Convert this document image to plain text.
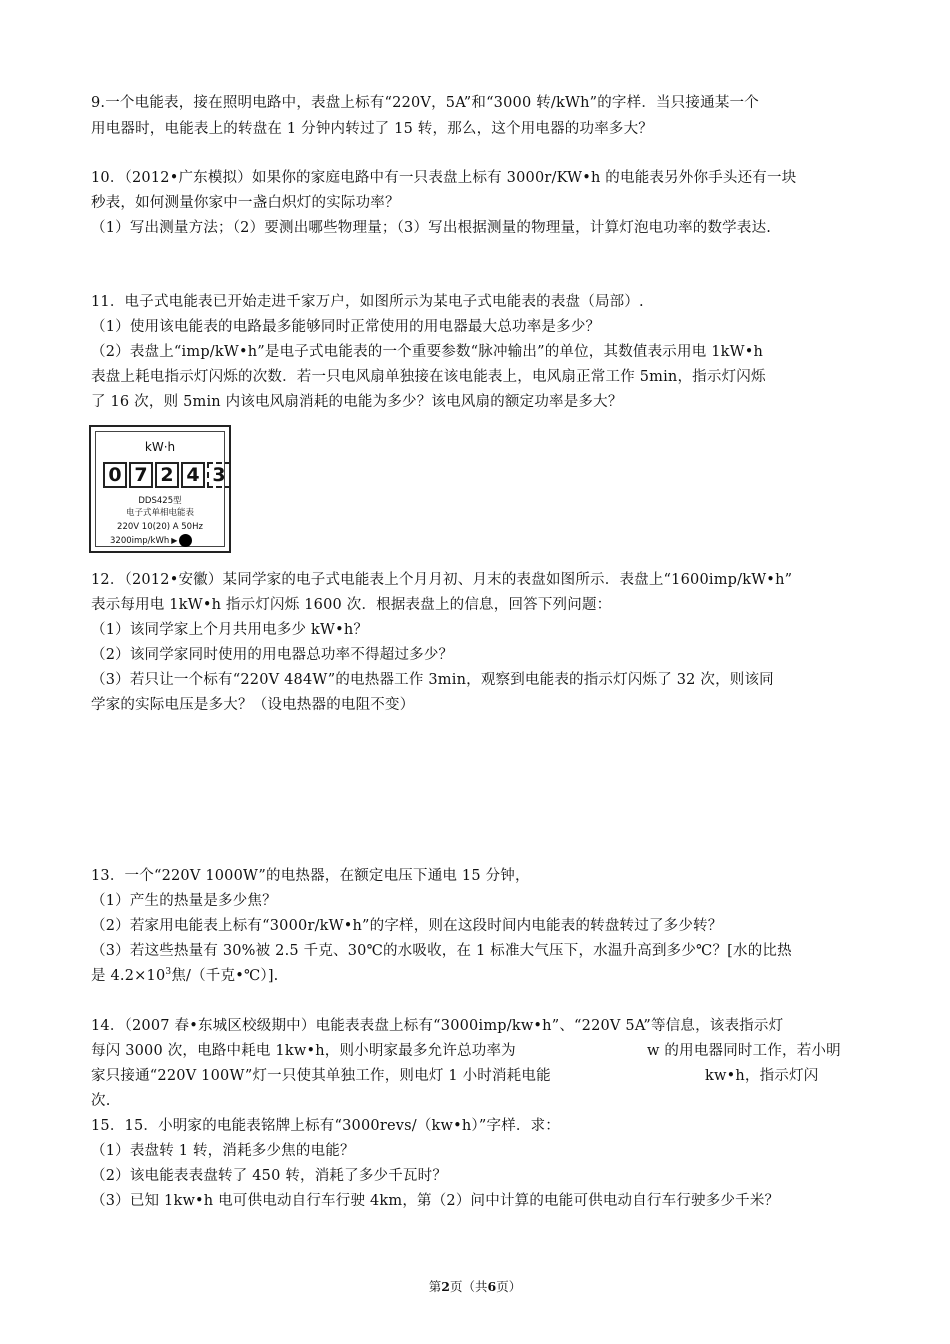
9.一个电能表，接在照明电路中，表盘上标有“220V，5A”和“3000 转/kWh”的字样．当只接通某一个
用电器时，电能表上的转盘在 1 分钟内转过了 15 转，那么，这个用电器的功率多大？
10．（2012•广东模拟）如果你的家庭电路中有一只表盘上标有 3000r/KW•h 的电能表另外你手头还有一块
秒表，如何测量你家中一盏白炽灯的实际功率？
（1）写出测量方法；（2）要测出哪些物理量；（3）写出根据测量的物理量，计算灯泡电功率的数学表达.
11．电子式电能表已开始走进千家万户，如图所示为某电子式电能表的表盘（局部）.
（1）使用该电能表的电路最多能够同时正常使用的用电器最大总功率是多少？
（2）表盘上“imp/kW•h”是电子式电能表的一个重要参数“脉冲输出”的单位，其数值表示用电 1kW•h
表盘上耗电指示灯闪烁的次数．若一只电风扇单独接在该电能表上，电风扇正常工作 5min，指示灯闪烁
了 16 次，则 5min 内该电风扇消耗的电能为多少？该电风扇的额定功率是多大？
kW·h
0 7 2 4 3
DDS425型
电子式单相电能表
220V 10(20) A 50Hz
3200imp/kWh ▶
12．（2012•安徽）某同学家的电子式电能表上个月月初、月末的表盘如图所示．表盘上“1600imp/kW•h”
表示每用电 1kW•h 指示灯闪烁 1600 次．根据表盘上的信息，回答下列问题：
（1）该同学家上个月共用电多少 kW•h？
（2）该同学家同时使用的用电器总功率不得超过多少？
（3）若只让一个标有“220V 484W”的电热器工作 3min，观察到电能表的指示灯闪烁了 32 次，则该同
学家的实际电压是多大？（设电热器的电阻不变）
13．一个“220V 1000W”的电热器，在额定电压下通电 15 分钟，
（1）产生的热量是多少焦？
（2）若家用电能表上标有“3000r/kW•h”的字样，则在这段时间内电能表的转盘转过了多少转？
（3）若这些热量有 30%被 2.5 千克、30℃的水吸收，在 1 标准大气压下，水温升高到多少℃？[水的比热
是 $4.2\times 10^3$焦/（千克•℃）].
14．（2007 春•东城区校级期中）电能表表盘上标有“3000imp/kw•h”、“220V 5A”等信息，该表指示灯
每闪 3000 次，电路中耗电 1kw•h，则小明家最多允许总功率为	w 的用电器同时工作，若小明
家只接通“220V 100W”灯一只使其单独工作，则电灯 1 小时消耗电能	kw•h，指示灯闪
次.
15．15．小明家的电能表铭牌上标有“3000revs/（kw•h）”字样．求：
（1）表盘转 1 转，消耗多少焦的电能？
（2）该电能表表盘转了 450 转，消耗了多少千瓦时？
（3）已知 1kw•h 电可供电动自行车行驶 4km，第（2）问中计算的电能可供电动自行车行驶多少千米？
第2页（共6页）
